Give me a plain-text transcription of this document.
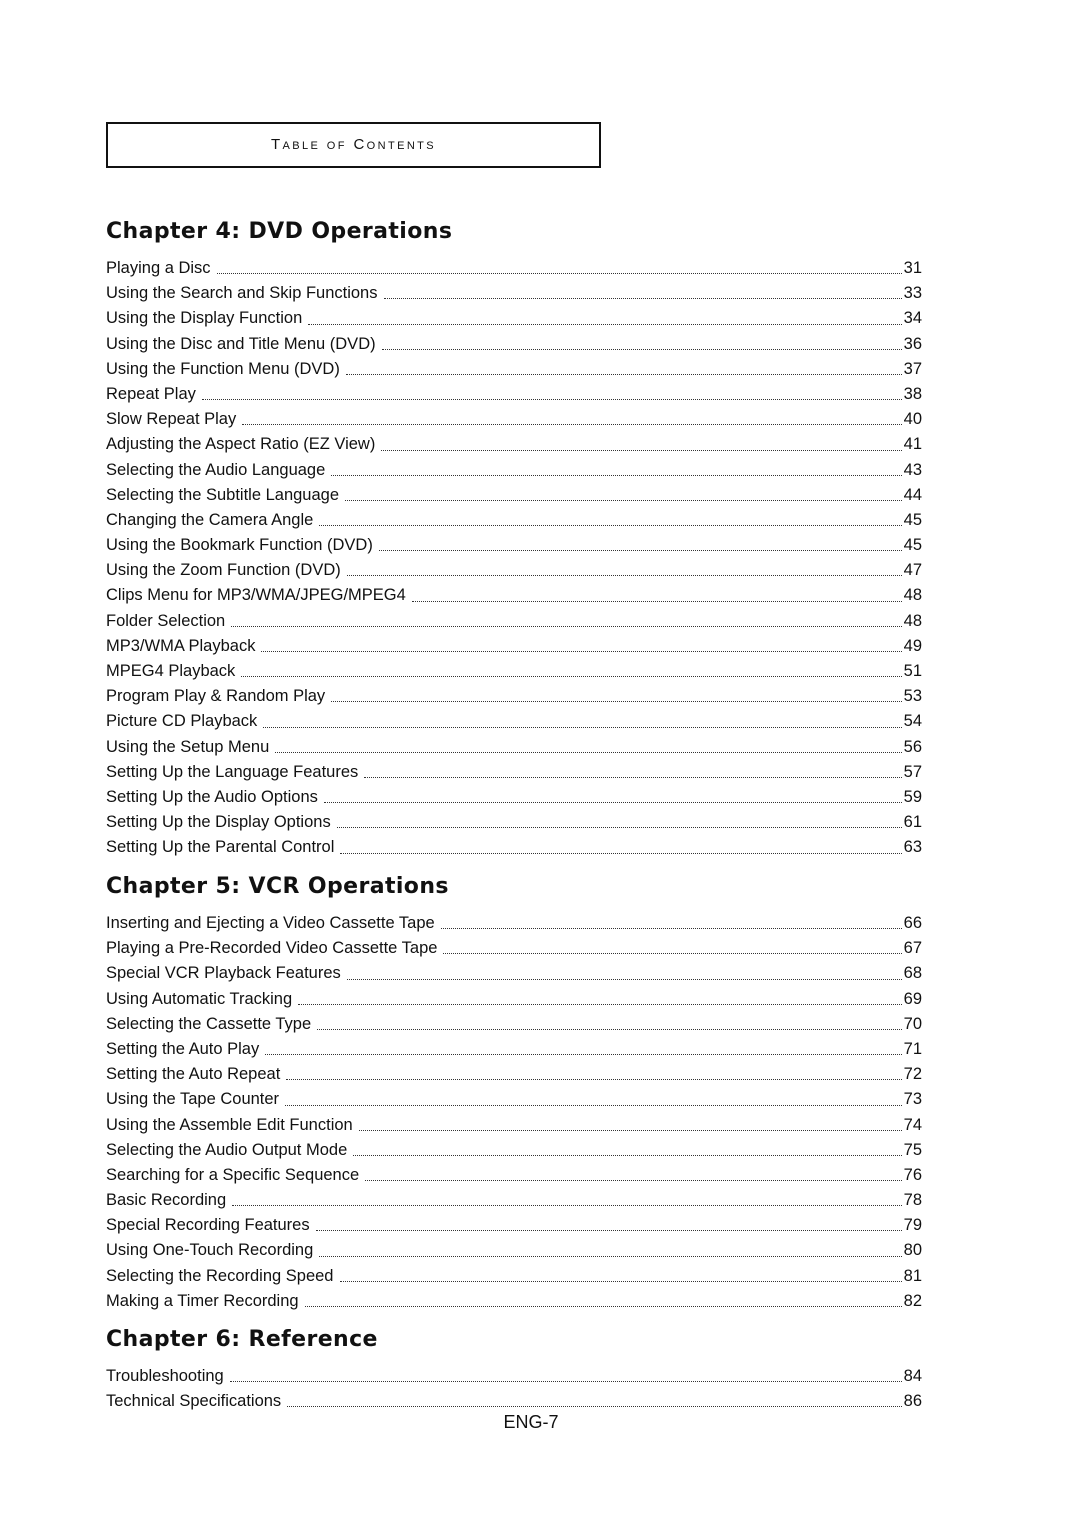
Table of Contents
Chapter 4: DVD Operations
Playing a Disc	31
Using the Search and Skip Functions	33
Using the Display Function	34
Using the Disc and Title Menu (DVD)	36
Using the Function Menu (DVD)	37
Repeat Play	38
Slow Repeat Play	40
Adjusting the Aspect Ratio (EZ View)	41
Selecting the Audio Language	43
Selecting the Subtitle Language	44
Changing the Camera Angle	45
Using the Bookmark Function (DVD)	45
Using the Zoom Function (DVD)	47
Clips Menu for MP3/WMA/JPEG/MPEG4	48
Folder Selection	48
MP3/WMA Playback	49
MPEG4 Playback	51
Program Play & Random Play	53
Picture CD Playback	54
Using the Setup Menu	56
Setting Up the Language Features	57
Setting Up the Audio Options	59
Setting Up the Display Options	61
Setting Up the Parental Control	63
Chapter 5: VCR Operations
Inserting and Ejecting a Video Cassette Tape	66
Playing a Pre-Recorded Video Cassette Tape	67
Special VCR Playback Features	68
Using Automatic Tracking	69
Selecting the Cassette Type	70
Setting the Auto Play	71
Setting the Auto Repeat	72
Using the Tape Counter	73
Using the Assemble Edit Function	74
Selecting the Audio Output Mode	75
Searching for a Specific Sequence	76
Basic Recording	78
Special Recording Features	79
Using One-Touch Recording	80
Selecting the Recording Speed	81
Making a Timer Recording	82
Chapter 6: Reference
Troubleshooting	84
Technical Specifications	86
ENG-7
